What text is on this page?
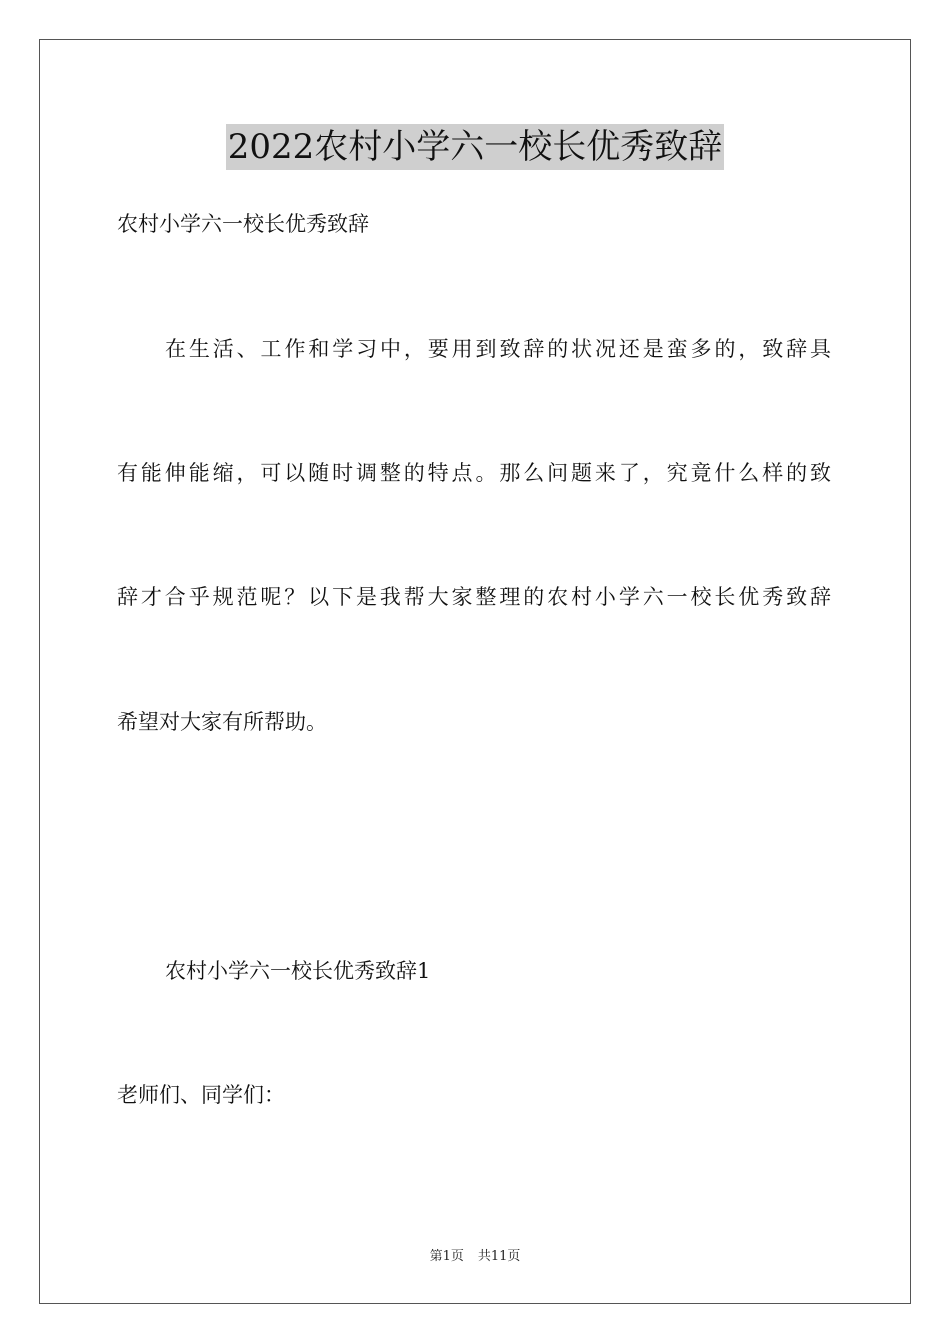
2022农村小学六一校长优秀致辞
农村小学六一校长优秀致辞
在生活、工作和学习中，要用到致辞的状况还是蛮多的，致辞具
有能伸能缩，可以随时调整的特点。那么问题来了，究竟什么样的致
辞才合乎规范呢？以下是我帮大家整理的农村小学六一校长优秀致辞
希望对大家有所帮助。
农村小学六一校长优秀致辞1
老师们、同学们：
第1页 共11页
